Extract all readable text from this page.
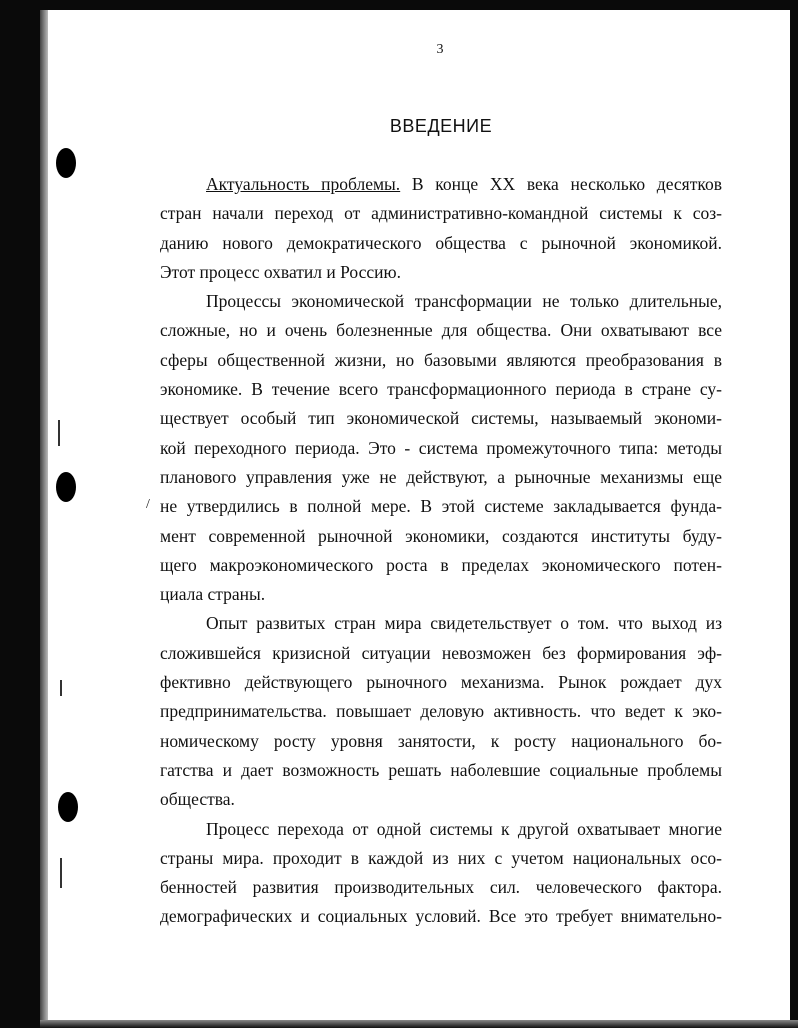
/
3
ВВЕДЕНИЕ
Актуальность проблемы. В конце XX века несколько десятков
стран начали переход от административно-командной системы к соз-
данию нового демократического общества с рыночной экономикой.
Этот процесс охватил и Россию.
Процессы экономической трансформации не только длительные,
сложные, но и очень болезненные для общества. Они охватывают все
сферы общественной жизни, но базовыми являются преобразования в
экономике. В течение всего трансформационного периода в стране су-
ществует особый тип экономической системы, называемый экономи-
кой переходного периода. Это - система промежуточного типа: методы
планового управления уже не действуют, а рыночные механизмы еще
не утвердились в полной мере. В этой системе закладывается фунда-
мент современной рыночной экономики, создаются институты буду-
щего макроэкономического роста в пределах экономического потен-
циала страны.
Опыт развитых стран мира свидетельствует о том. что выход из
сложившейся кризисной ситуации невозможен без формирования эф-
фективно действующего рыночного механизма. Рынок рождает дух
предпринимательства. повышает деловую активность. что ведет к эко-
номическому росту уровня занятости, к росту национального бо-
гатства и дает возможность решать наболевшие социальные проблемы
общества.
Процесс перехода от одной системы к другой охватывает многие
страны мира. проходит в каждой из них с учетом национальных осо-
бенностей развития производительных сил. человеческого фактора.
демографических и социальных условий. Все это требует внимательно-
